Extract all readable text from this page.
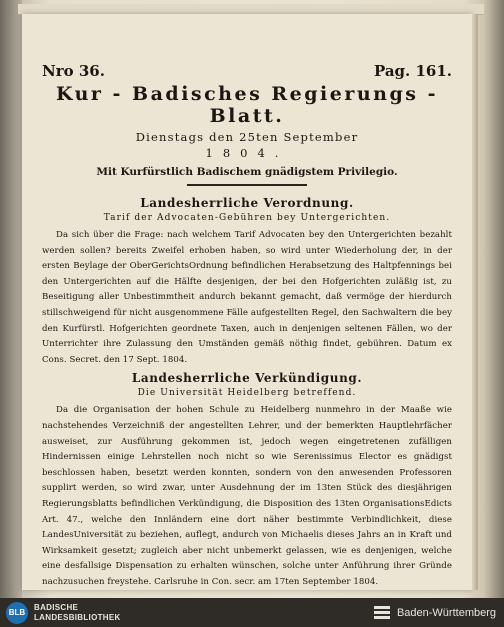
Nro 36.	Pag. 161.
Kur - Badisches Regierungs - Blatt.
Dienstags den 25ten September
1804.
Mit Kurfürstlich Badischem gnädigstem Privilegio.
Landesherrliche Verordnung.
Tarif der Advocaten-Gebühren bey Untergerichten.
Da sich über die Frage: nach welchem Tarif Advocaten bey den Untergerichten bezahlt werden sollen? bereits Zweifel erhoben haben, so wird unter Wiederholung der, in der ersten Beylage der OberGerichtsOrdnung befindlichen Herabsetzung des Haltpfennings bei den Untergerichten auf die Hälfte desjenigen, der bei den Hofgerichten zuläßig ist, zu Beseitigung aller Unbestimmtheit andurch bekannt gemacht, daß vermöge der hierdurch stillschweigend für nicht ausgenommene Fälle aufgestellten Regel, den Sachwaltern die bey den Kurfürstl. Hofgerichten geordnete Taxen, auch in denjenigen seltenen Fällen, wo der Unterrichter ihre Zulassung den Umständen gemäß nöthig findet, gebühren. Datum ex Cons. Secret. den 17 Sept. 1804.
Landesherrliche Verkündigung.
Die Universität Heidelberg betreffend.
Da die Organisation der hohen Schule zu Heidelberg nunmehro in der Maaße wie nachstehendes Verzeichniß der angestellten Lehrer, und der bemerkten Hauptlehrfächer ausweiset, zur Ausführung gekommen ist, jedoch wegen eingetretenen zufälligen Hindernissen einige Lehrstellen noch nicht so wie Serenissimus Elector es gnädigst beschlossen haben, besetzt werden konnten, sondern von den anwesenden Professoren supplirt werden, so wird zwar, unter Ausdehnung der im 13ten Stück des diesjährigen Regierungsblatts befindlichen Verkündigung, die Disposition des 13ten OrganisationsEdicts Art. 47., welche den Innländern eine dort näher bestimmte Verbindlichkeit, diese LandesUniversität zu beziehen, auflegt, andurch von Michaelis dieses Jahrs an in Kraft und Wirksamkeit gesetzt; zugleich aber nicht unbemerkt gelassen, wie es denjenigen, welche eine desfallsige Dispensation zu erhalten wünschen, solche unter Anführung ihrer Gründe nachzusuchen freystehe. Carlsruhe in Con. secr. am 17ten September 1804.
BLB
BADISCHE
LANDESBIBLIOTHEK	Baden-Württemberg
